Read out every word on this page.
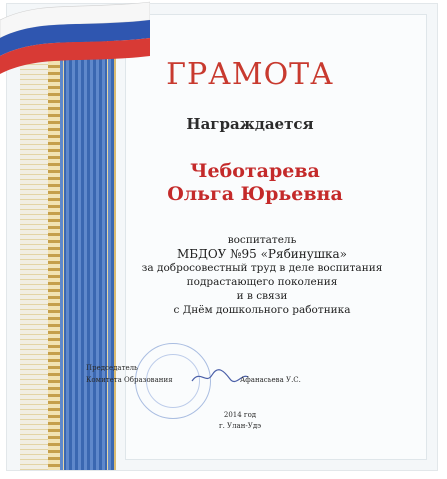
ГРАМОТА
Награждается
Чеботарева
Ольга Юрьевна
воспитатель
МБДОУ №95 «Рябинушка»
за добросовестный труд в деле воспитания
подрастающего поколения
и в связи
с Днём дошкольного работника
Председатель
Комитета Образования	Афанасьева У.С.
2014 год
г. Улан-Удэ
